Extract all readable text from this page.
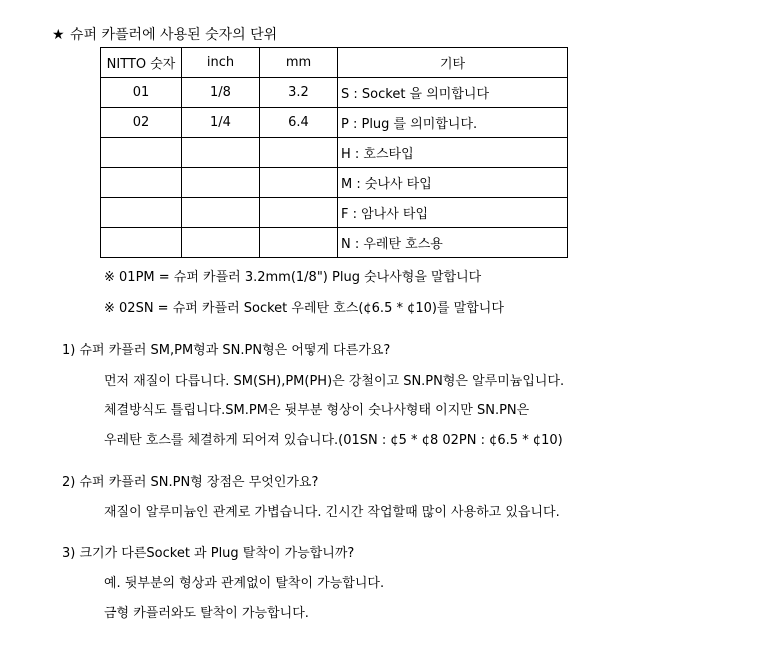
★ 슈퍼 카플러에 사용된 숫자의 단위
NITTO 숫자	inch	mm	기타
01	1/8	3.2	S : Socket 을 의미합니다
02	1/4	6.4	P : Plug 를 의미합니다.
			H : 호스타입
			M : 숫나사 타입
			F : 암나사 타입
			N : 우레탄 호스용
※ 01PM = 슈퍼 카플러 3.2mm(1/8") Plug 숫나사형을 말합니다
※ 02SN = 슈퍼 카플러 Socket 우레탄 호스(¢6.5 * ¢10)를 말합니다
1) 슈퍼 카플러 SM,PM형과 SN.PN형은 어떻게 다른가요?
먼저 재질이 다릅니다. SM(SH),PM(PH)은 강철이고 SN.PN형은 알루미늄입니다.
체결방식도 틀립니다.SM.PM은 뒷부분 형상이 숫나사형태 이지만 SN.PN은
우레탄 호스를 체결하게 되어져 있습니다.(01SN : ¢5 * ¢8 02PN : ¢6.5 * ¢10)
2) 슈퍼 카플러 SN.PN형 장점은 무엇인가요?
재질이 알루미늄인 관계로 가볍습니다. 긴시간 작업할때 많이 사용하고 있읍니다.
3) 크기가 다른Socket 과 Plug 탈착이 가능합니까?
예. 뒷부분의 형상과 관계없이 탈착이 가능합니다.
금형 카플러와도 탈착이 가능합니다.
